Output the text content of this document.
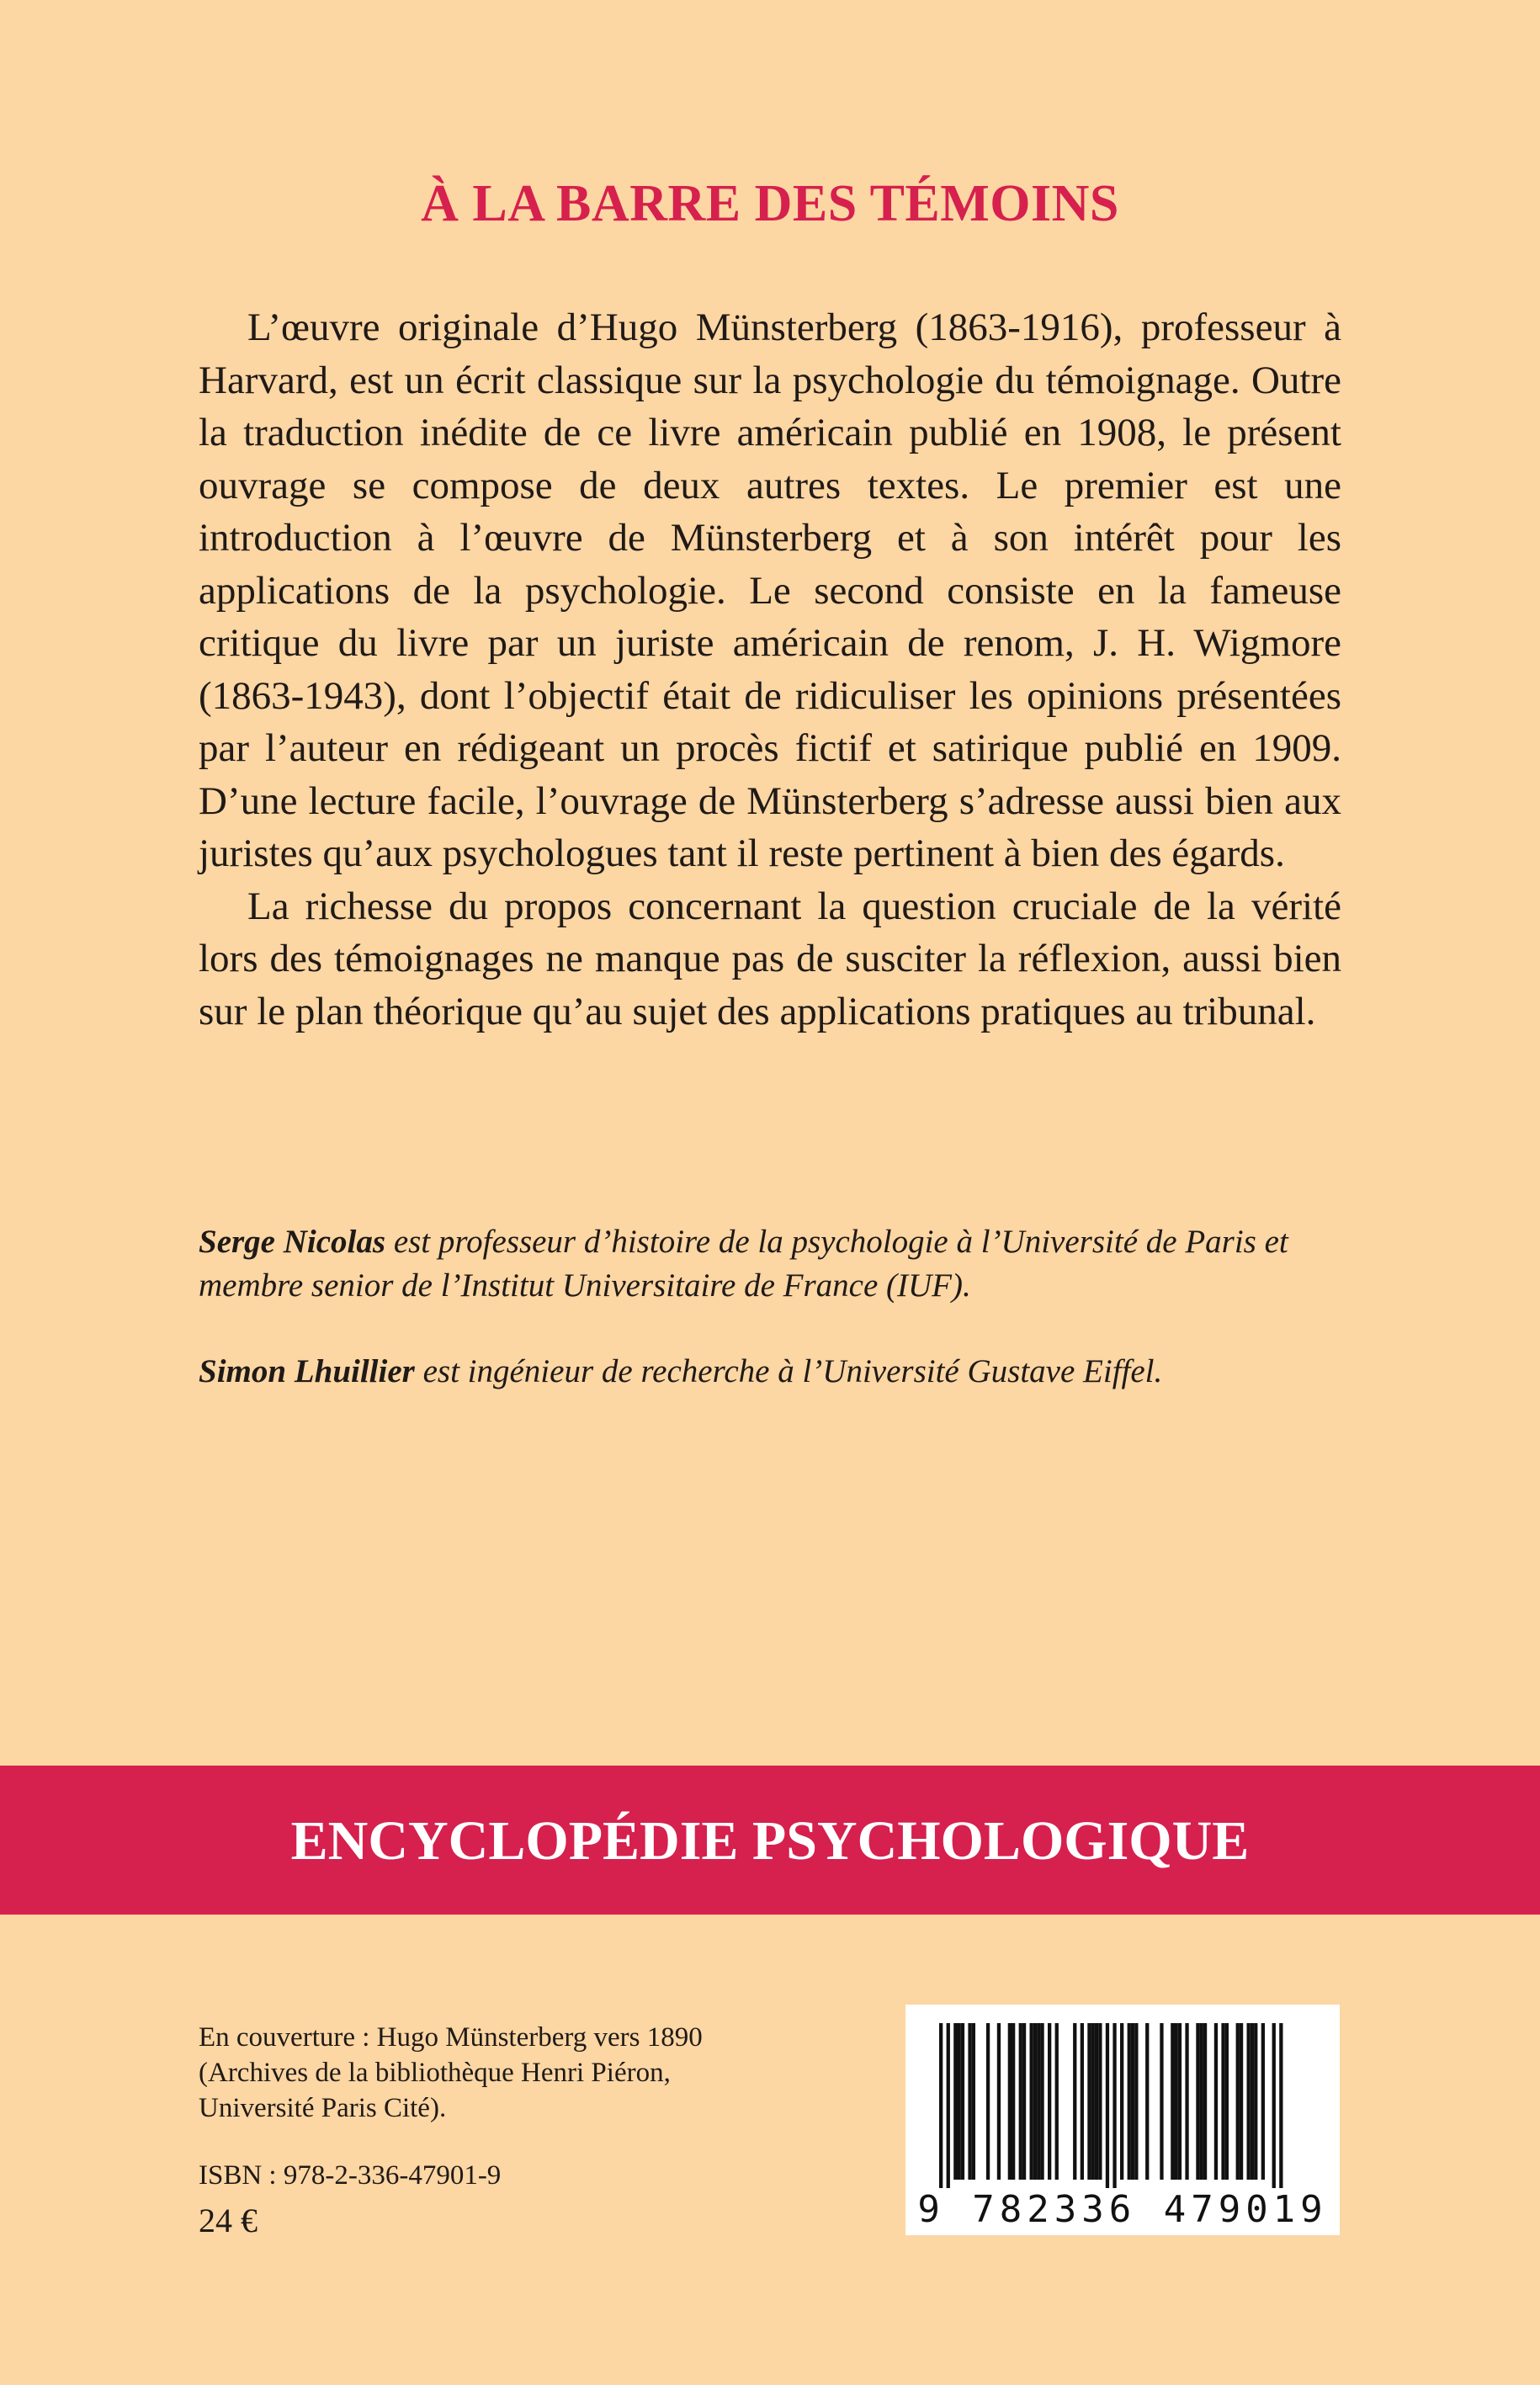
À LA BARRE DES TÉMOINS

L’œuvre originale d’Hugo Münsterberg (1863-1916), professeur à Harvard, est un écrit classique sur la psychologie du témoignage. Outre la traduction inédite de ce livre américain publié en 1908, le présent ouvrage se compose de deux autres textes. Le premier est une introduction à l’œuvre de Münsterberg et à son intérêt pour les applications de la psychologie. Le second consiste en la fameuse critique du livre par un juriste américain de renom, J. H. Wigmore (1863-1943), dont l’objectif était de ridiculiser les opinions présentées par l’auteur en rédigeant un procès fictif et satirique publié en 1909. D’une lecture facile, l’ouvrage de Münsterberg s’adresse aussi bien aux juristes qu’aux psychologues tant il reste pertinent à bien des égards.

La richesse du propos concernant la question cruciale de la vérité lors des témoignages ne manque pas de susciter la réflexion, aussi bien sur le plan théorique qu’au sujet des applications pratiques au tribunal.

Serge Nicolas est professeur d’histoire de la psychologie à l’Université de Paris et membre senior de l’Institut Universitaire de France (IUF).

Simon Lhuillier est ingénieur de recherche à l’Université Gustave Eiffel.

ENCYCLOPÉDIE PSYCHOLOGIQUE
En couverture : Hugo Münsterberg vers 1890
(Archives de la bibliothèque Henri Piéron,
Université Paris Cité).
ISBN : 978-2-336-47901-9
24 €	9 782336 479019
